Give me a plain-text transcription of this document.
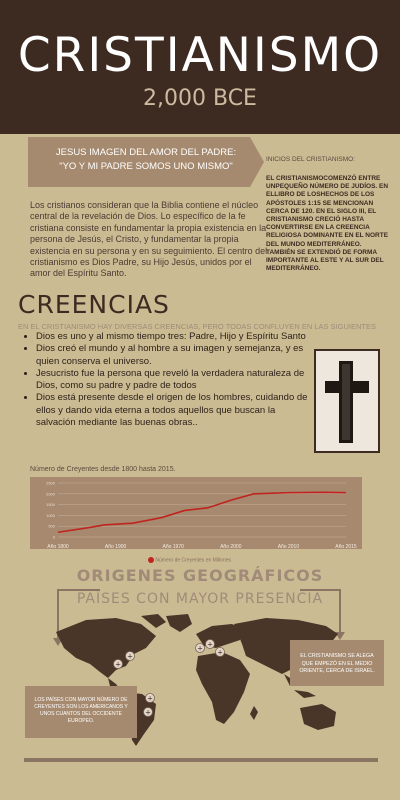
CRISTIANISMO
2,000 BCE
JESUS IMAGEN DEL AMOR DEL PADRE:
"YO Y MI PADRE SOMOS UNO MISMO"
Los cristianos consideran que la Biblia contiene el núcleo central de la revelación de Dios. Lo específico de la fe cristiana consiste en fundamentar la propia existencia en la persona de Jesús, el Cristo, y fundamentar la propia existencia en su persona y en su seguimiento. El centro del cristianismo es Dios Padre, su Hijo Jesús, unidos por el amor del Espíritu Santo.
INICIOS DEL CRISTIANISMO:
EL CRISTIANISMOCOMENZÓ ENTRE UNPEQUEÑO NÚMERO DE JUDÍOS. EN ELLIBRO DE LOSHECHOS DE LOS APÓSTOLES 1:15 SE MENCIONAN CERCA DE 120. EN EL SIGLO III, EL CRISTIANISMO CRECIÓ HASTA CONVERTIRSE EN LA CREENCIA RELIGIOSA DOMINANTE EN EL NORTE DEL MUNDO MEDITERRÁNEO. TAMBIÉN SE EXTENDIÓ DE FORMA IMPORTANTE AL ESTE Y AL SUR DEL MEDITERRÁNEO.
CREENCIAS
EN EL CRISTIANISMO HAY DIVERSAS CREENCIAS, PERO TODAS CONFLUYEN EN LAS SIGUIENTES
• Dios es uno y al mismo tiempo tres: Padre, Hijo y Espíritu Santo
• Dios creó el mundo y al hombre a su imagen y semejanza, y es quien conserva el universo.
• Jesucristo fue la persona que reveló la verdadera naturaleza de Dios, como su padre y padre de todos
• Dios está presente desde el origen de los hombres, cuidando de ellos y dando vida eterna a todos aquellos que buscan la salvación mediante las buenas obras..
Número de Creyentes desde 1800 hasta 2015.
2500
2000
1500
1000
500
0
Año 1800	Año 1900	Año 1970	Año 2000	Año 2010	Año 2015
Número de Creyentes en Millones
ORIGENES GEOGRÁFICOS
PAÍSES CON MAYOR PRESENCIA
+
+
+
+
+ +
+
LOS PAÍSES CON MAYOR NÚMERO DE CREYENTES SON LOS AMERICANOS Y UNOS CUANTOS DEL OCCIDENTE EUROPEO.
EL CRISTIANISMO SE ALEGA QUE EMPEZÓ EN EL MEDIO ORIENTE, CERCA DE ISRAEL.
